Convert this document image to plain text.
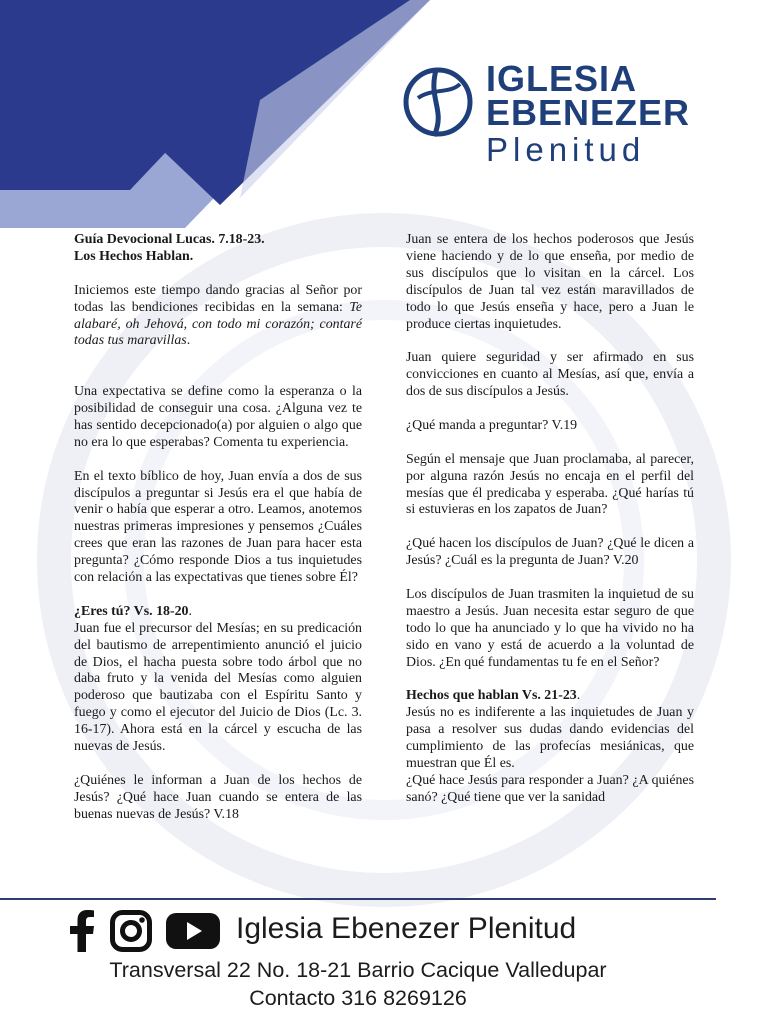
IGLESIA
EBENEZER
Plenitud

Guía Devocional Lucas. 7.18-23.

Los Hechos Hablan.

Iniciemos este tiempo dando gracias al Señor por todas las bendiciones recibidas en la semana: Te alabaré, oh Jehová, con todo mi corazón; contaré todas tus maravillas.

Una expectativa se define como la esperanza o la posibilidad de conseguir una cosa. ¿Alguna vez te has sentido decepcionado(a) por alguien o algo que no era lo que esperabas? Comenta tu experiencia.

En el texto bíblico de hoy, Juan envía a dos de sus discípulos a preguntar si Jesús era el que había de venir o había que esperar a otro. Leamos, anotemos nuestras primeras impresiones y pensemos ¿Cuáles crees que eran las razones de Juan para hacer esta pregunta? ¿Cómo responde Dios a tus inquietudes con relación a las expectativas que tienes sobre Él?

¿Eres tú? Vs. 18-20.

Juan fue el precursor del Mesías; en su predicación del bautismo de arrepentimiento anunció el juicio de Dios, el hacha puesta sobre todo árbol que no daba fruto y la venida del Mesías como alguien poderoso que bautizaba con el Espíritu Santo y fuego y como el ejecutor del Juicio de Dios (Lc. 3. 16-17). Ahora está en la cárcel y escucha de las nuevas de Jesús.

¿Quiénes le informan a Juan de los hechos de Jesús? ¿Qué hace Juan cuando se entera de las buenas nuevas de Jesús? V.18

Juan se entera de los hechos poderosos que Jesús viene haciendo y de lo que enseña, por medio de sus discípulos que lo visitan en la cárcel. Los discípulos de Juan tal vez están maravillados de todo lo que Jesús enseña y hace, pero a Juan le produce ciertas inquietudes.

Juan quiere seguridad y ser afirmado en sus convicciones en cuanto al Mesías, así que, envía a dos de sus discípulos a Jesús.

¿Qué manda a preguntar? V.19

Según el mensaje que Juan proclamaba, al parecer, por alguna razón Jesús no encaja en el perfil del mesías que él predicaba y esperaba. ¿Qué harías tú si estuvieras en los zapatos de Juan?

¿Qué hacen los discípulos de Juan? ¿Qué le dicen a Jesús? ¿Cuál es la pregunta de Juan? V.20

Los discípulos de Juan trasmiten la inquietud de su maestro a Jesús. Juan necesita estar seguro de que todo lo que ha anunciado y lo que ha vivido no ha sido en vano y está de acuerdo a la voluntad de Dios. ¿En qué fundamentas tu fe en el Señor?

Hechos que hablan Vs. 21-23.

Jesús no es indiferente a las inquietudes de Juan y pasa a resolver sus dudas dando evidencias del cumplimiento de las profecías mesiánicas, que muestran que Él es.

¿Qué hace Jesús para responder a Juan? ¿A quiénes sanó? ¿Qué tiene que ver la sanidad

Iglesia Ebenezer Plenitud
Transversal 22 No. 18-21 Barrio Cacique Valledupar
Contacto 316 8269126
